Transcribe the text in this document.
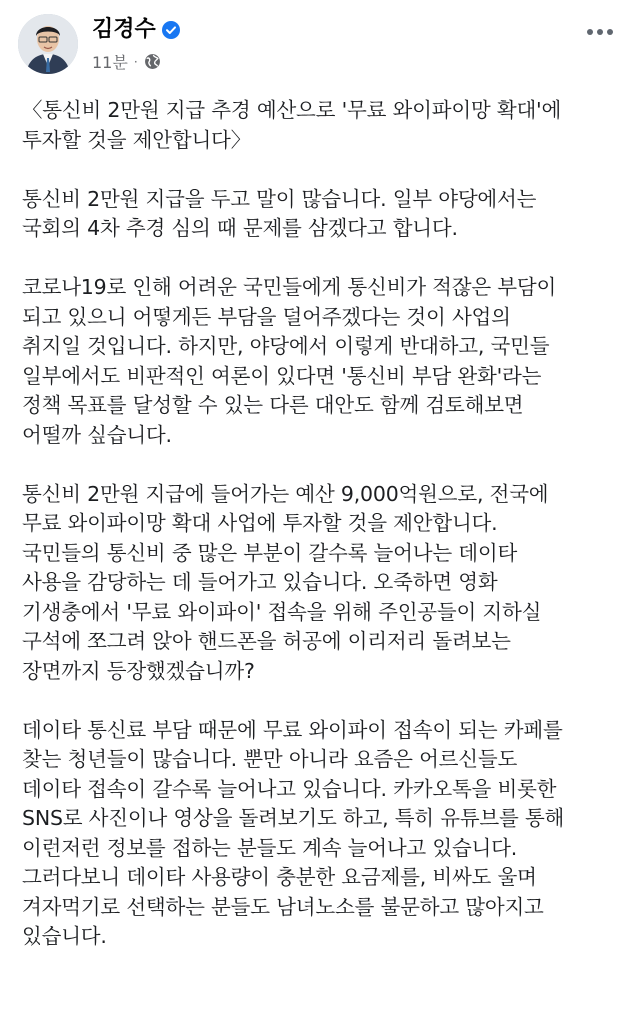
김경수
11분 ·

〈통신비 2만원 지급 추경 예산으로 '무료 와이파이망 확대'에
투자할 것을 제안합니다〉

통신비 2만원 지급을 두고 말이 많습니다. 일부 야당에서는
국회의 4차 추경 심의 때 문제를 삼겠다고 합니다.

코로나19로 인해 어려운 국민들에게 통신비가 적잖은 부담이
되고 있으니 어떻게든 부담을 덜어주겠다는 것이 사업의
취지일 것입니다. 하지만, 야당에서 이렇게 반대하고, 국민들
일부에서도 비판적인 여론이 있다면 '통신비 부담 완화'라는
정책 목표를 달성할 수 있는 다른 대안도 함께 검토해보면
어떨까 싶습니다.

통신비 2만원 지급에 들어가는 예산 9,000억원으로, 전국에
무료 와이파이망 확대 사업에 투자할 것을 제안합니다.
국민들의 통신비 중 많은 부분이 갈수록 늘어나는 데이타
사용을 감당하는 데 들어가고 있습니다. 오죽하면 영화
기생충에서 '무료 와이파이' 접속을 위해 주인공들이 지하실
구석에 쪼그려 앉아 핸드폰을 허공에 이리저리 돌려보는
장면까지 등장했겠습니까?

데이타 통신료 부담 때문에 무료 와이파이 접속이 되는 카페를
찾는 청년들이 많습니다. 뿐만 아니라 요즘은 어르신들도
데이타 접속이 갈수록 늘어나고 있습니다. 카카오톡을 비롯한
SNS로 사진이나 영상을 돌려보기도 하고, 특히 유튜브를 통해
이런저런 정보를 접하는 분들도 계속 늘어나고 있습니다.
그러다보니 데이타 사용량이 충분한 요금제를, 비싸도 울며
겨자먹기로 선택하는 분들도 남녀노소를 불문하고 많아지고
있습니다.
